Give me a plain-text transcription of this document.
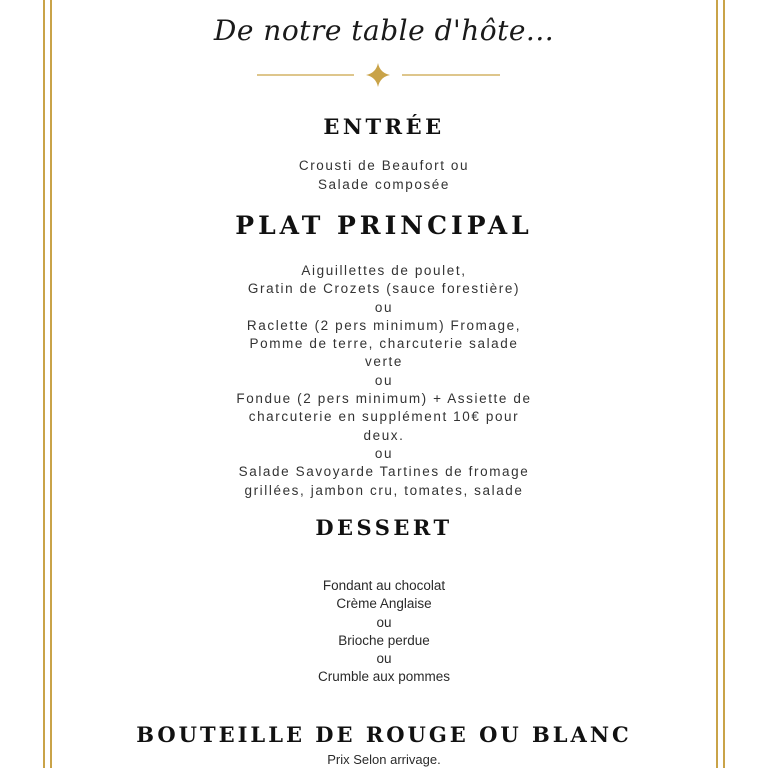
De notre table d'hôte...
ENTRÉE
Crousti de Beaufort ou
Salade composée
PLAT PRINCIPAL
Aiguillettes de poulet,
Gratin de Crozets (sauce forestière)
ou
Raclette (2 pers minimum) Fromage,
Pomme de terre, charcuterie salade
verte
ou
Fondue (2 pers minimum) + Assiette de
charcuterie en supplément 10€ pour
deux.
ou
Salade Savoyarde Tartines de fromage
grillées, jambon cru, tomates, salade
DESSERT
Fondant au chocolat
Crème Anglaise
ou
Brioche perdue
ou
Crumble aux pommes
BOUTEILLE DE ROUGE OU BLANC
Prix Selon arrivage.
